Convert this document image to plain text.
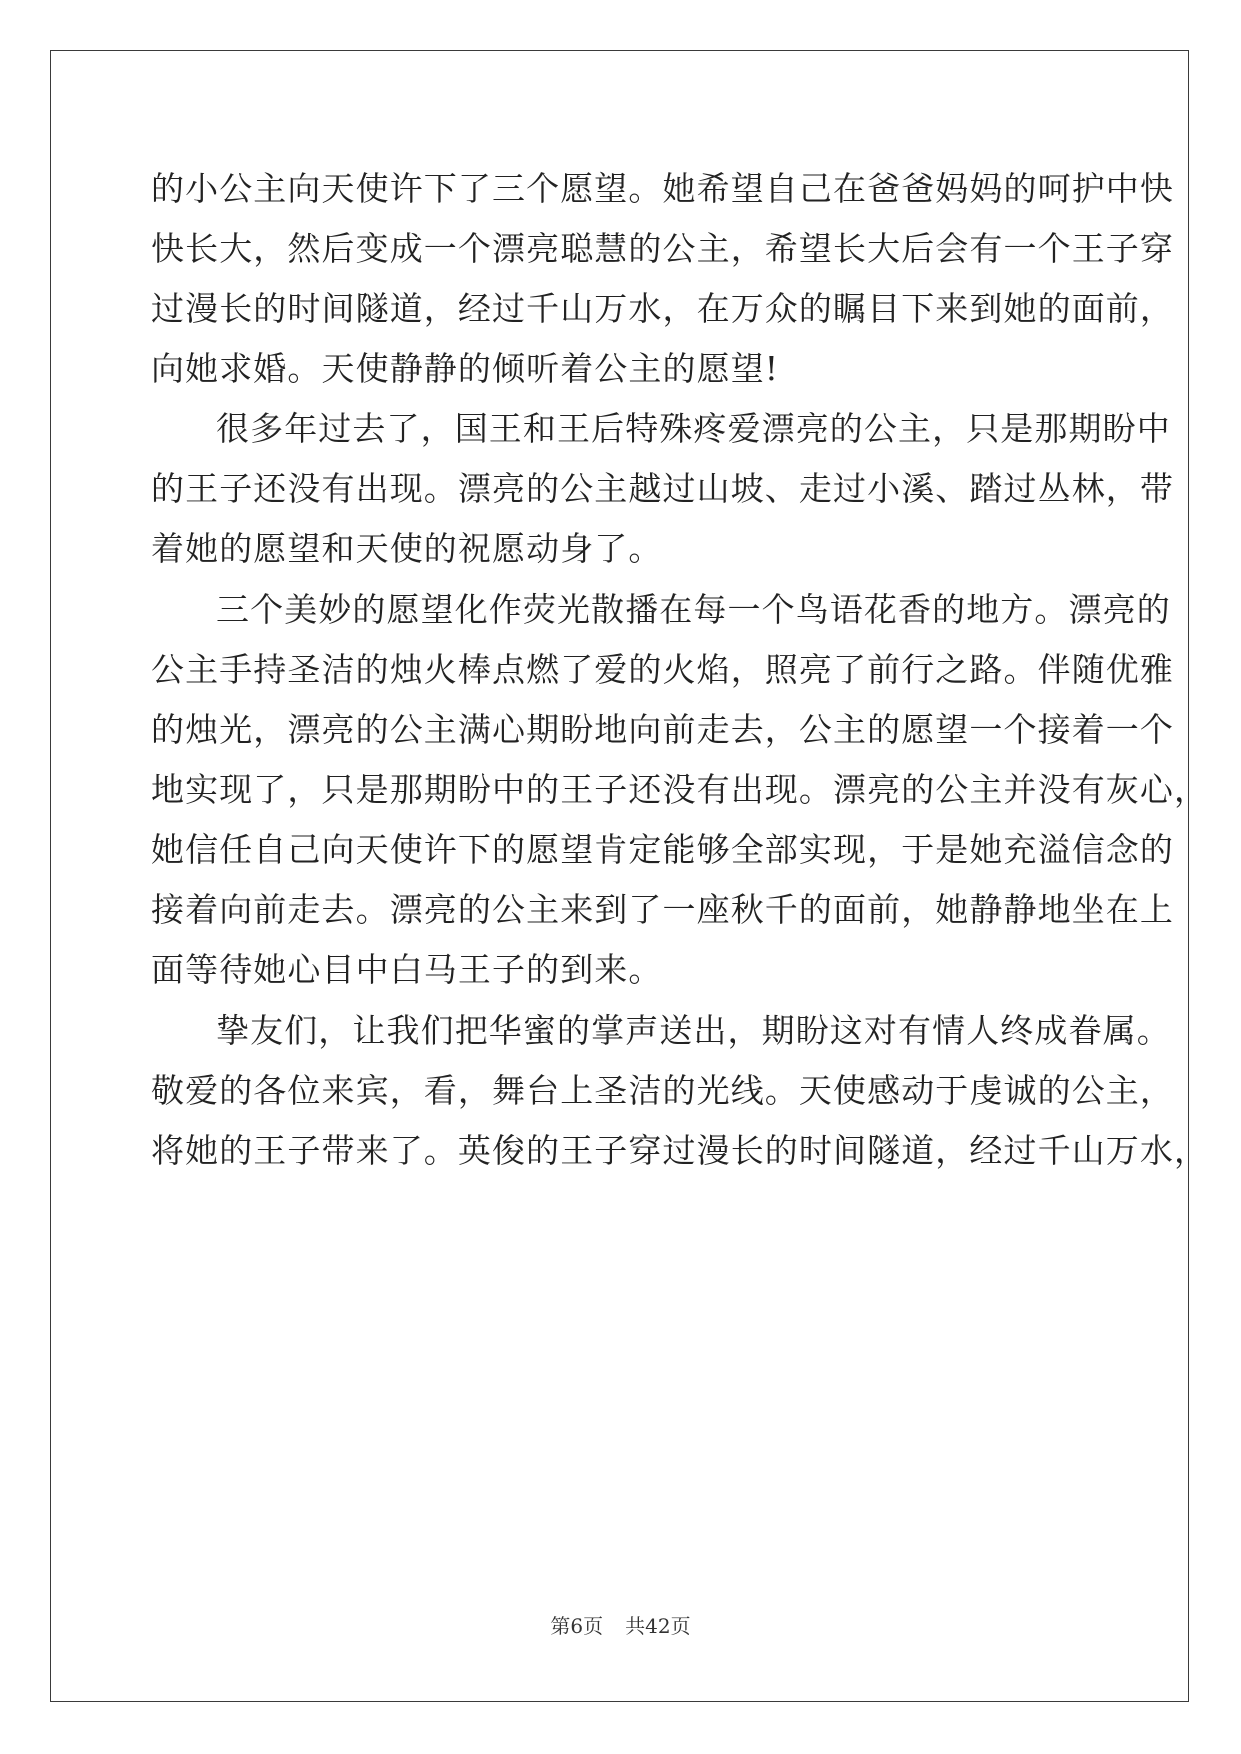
的小公主向天使许下了三个愿望。她希望自己在爸爸妈妈的呵护中快
快长大，然后变成一个漂亮聪慧的公主，希望长大后会有一个王子穿
过漫长的时间隧道，经过千山万水，在万众的瞩目下来到她的面前，
向她求婚。天使静静的倾听着公主的愿望!
很多年过去了，国王和王后特殊疼爱漂亮的公主，只是那期盼中
的王子还没有出现。漂亮的公主越过山坡、走过小溪、踏过丛林，带
着她的愿望和天使的祝愿动身了。
三个美妙的愿望化作荧光散播在每一个鸟语花香的地方。漂亮的
公主手持圣洁的烛火棒点燃了爱的火焰，照亮了前行之路。伴随优雅
的烛光，漂亮的公主满心期盼地向前走去，公主的愿望一个接着一个
地实现了，只是那期盼中的王子还没有出现。漂亮的公主并没有灰心，
她信任自己向天使许下的愿望肯定能够全部实现，于是她充溢信念的
接着向前走去。漂亮的公主来到了一座秋千的面前，她静静地坐在上
面等待她心目中白马王子的到来。
挚友们，让我们把华蜜的掌声送出，期盼这对有情人终成眷属。
敬爱的各位来宾，看，舞台上圣洁的光线。天使感动于虔诚的公主，
将她的王子带来了。英俊的王子穿过漫长的时间隧道，经过千山万水，
第6页 共42页
